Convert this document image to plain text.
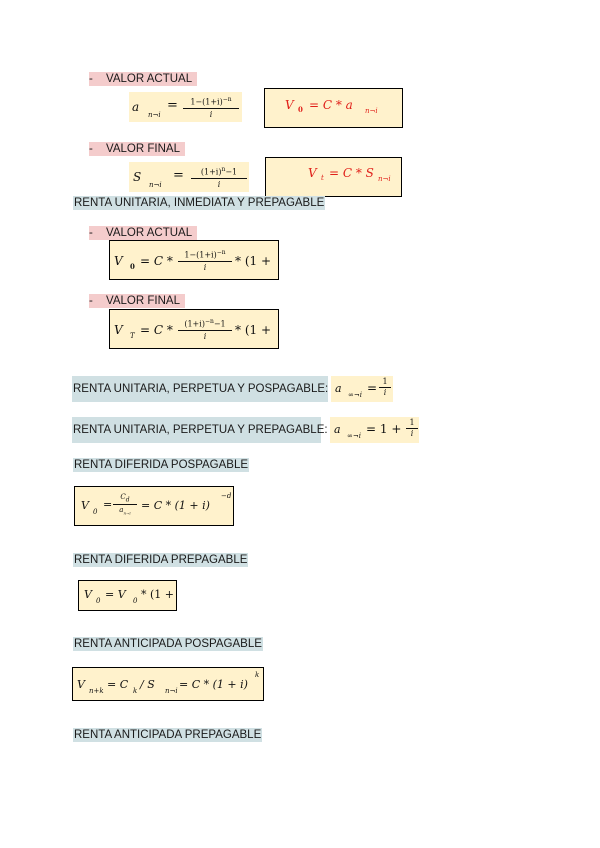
- VALOR ACTUAL
a
n¬i
= $\frac{1-(1+i)^{-n}}{i}$	V 0 = C * a n¬i
- VALOR FINAL
S
n¬i
= $\frac{(1+i)^n-1}{i}$	V t = C * S n¬i
RENTA UNITARIA, INMEDIATA Y PREPAGABLE
- VALOR ACTUAL
V $0 = C * \frac{1-(1+i)^{-n}}{i} * (1$ +
- VALOR FINAL
V $T = C * \frac{(1+i)^{-n}-1}{i} * (1$ +
RENTA UNITARIA, PERPETUA Y POSPAGABLE: a ∞¬i = $\frac{1}{i}$
RENTA UNITARIA, PERPETUA Y PREPAGABLE: a ∞¬i = $1 + \frac{1}{i}$
RENTA DIFERIDA POSPAGABLE
V 0
= $\frac{C_d}{a_{n\neg i}} = C * (1 + i)$
−d
RENTA DIFERIDA PREPAGABLE
V 0 = V 0 * (1 +
RENTA ANTICIPADA POSPAGABLE
V n+k = C k / S n¬i = C * (1 + i)
k
RENTA ANTICIPADA PREPAGABLE
